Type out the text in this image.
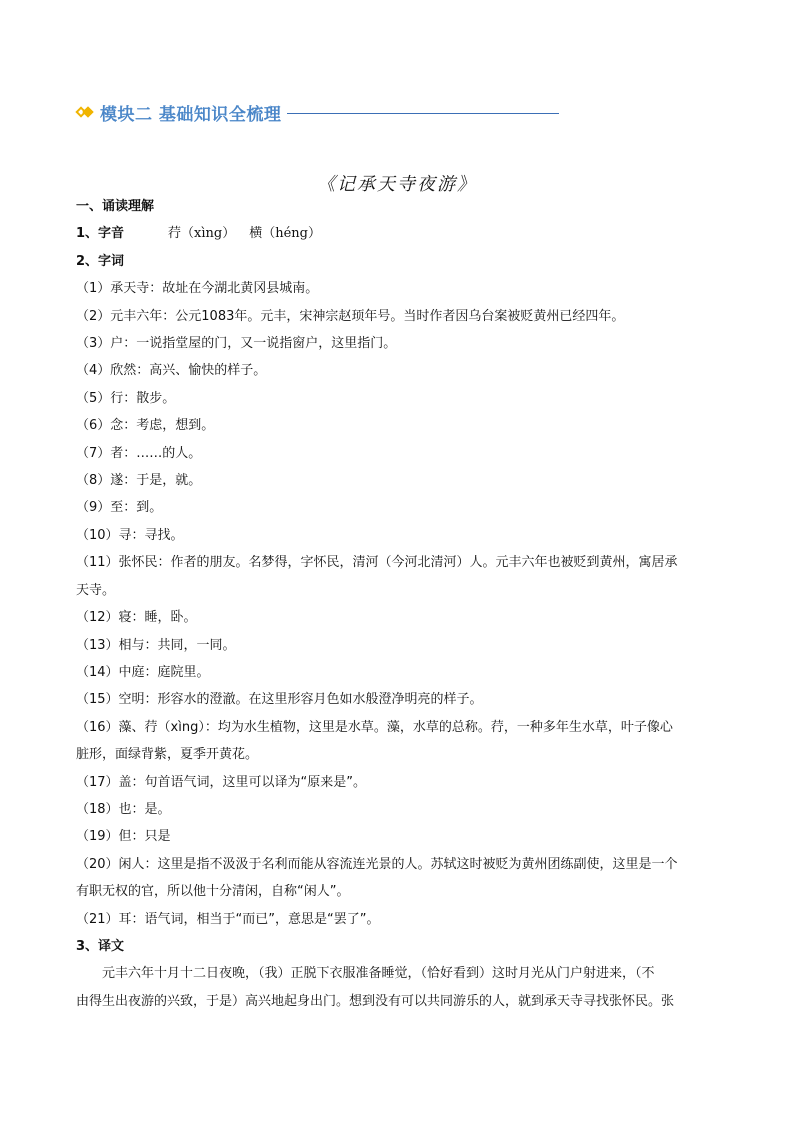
模块二 基础知识全梳理
《记承天寺夜游》
一、诵读理解
1、字音	荇（xìng） 横（héng）
2、字词
（1）承天寺：故址在今湖北黄冈县城南。
（2）元丰六年：公元1083年。元丰，宋神宗赵顼年号。当时作者因乌台案被贬黄州已经四年。
（3）户：一说指堂屋的门，又一说指窗户，这里指门。
（4）欣然：高兴、愉快的样子。
（5）行：散步。
（6）念：考虑，想到。
（7）者：……的人。
（8）遂：于是，就。
（9）至：到。
（10）寻：寻找。
（11）张怀民：作者的朋友。名梦得，字怀民，清河（今河北清河）人。元丰六年也被贬到黄州，寓居承
天寺。
（12）寝：睡，卧。
（13）相与：共同，一同。
（14）中庭：庭院里。
（15）空明：形容水的澄澈。在这里形容月色如水般澄净明亮的样子。
（16）藻、荇（xìng）：均为水生植物，这里是水草。藻，水草的总称。荇，一种多年生水草，叶子像心
脏形，面绿背紫，夏季开黄花。
（17）盖：句首语气词，这里可以译为“原来是”。
（18）也：是。
（19）但：只是
（20）闲人：这里是指不汲汲于名利而能从容流连光景的人。苏轼这时被贬为黄州团练副使，这里是一个
有职无权的官，所以他十分清闲，自称“闲人”。
（21）耳：语气词，相当于“而已”，意思是“罢了”。
3、译文
元丰六年十月十二日夜晚，（我）正脱下衣服准备睡觉，（恰好看到）这时月光从门户射进来，（不
由得生出夜游的兴致，于是）高兴地起身出门。想到没有可以共同游乐的人，就到承天寺寻找张怀民。张
